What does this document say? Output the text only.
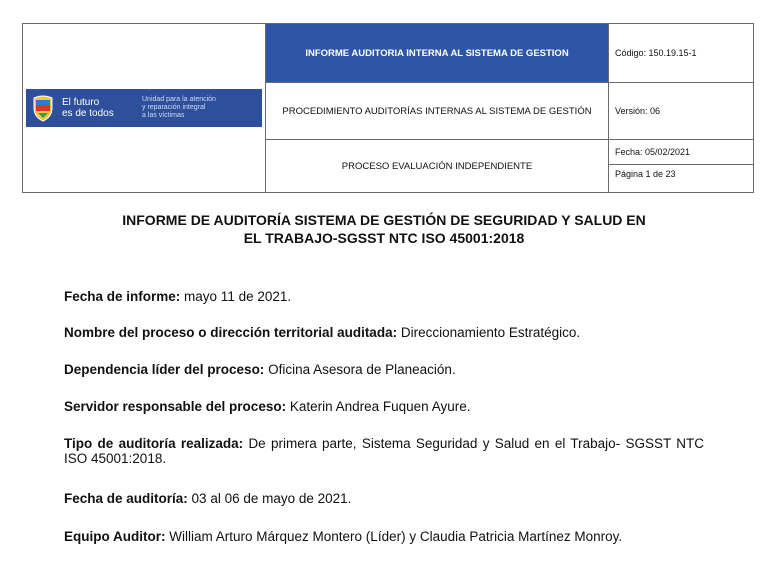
El futuro
es de todos
Unidad para la atención
y reparación integral
a las víctimas	INFORME AUDITORIA INTERNA AL SISTEMA DE GESTION	Código: 150.19.15-1
	PROCEDIMIENTO AUDITORÍAS INTERNAS AL SISTEMA DE GESTIÓN	Versión: 06
	PROCESO EVALUACIÓN INDEPENDIENTE	Fecha: 05/02/2021
Página 1 de 23
INFORME DE AUDITORÍA SISTEMA DE GESTIÓN DE SEGURIDAD Y SALUD EN
EL TRABAJO-SGSST NTC ISO 45001:2018
Fecha de informe: mayo 11 de 2021.
Nombre del proceso o dirección territorial auditada: Direccionamiento Estratégico.
Dependencia líder del proceso: Oficina Asesora de Planeación.
Servidor responsable del proceso: Katerin Andrea Fuquen Ayure.
Tipo de auditoría realizada: De primera parte, Sistema Seguridad y Salud en el Trabajo- SGSST NTC ISO 45001:2018.
Fecha de auditoría: 03 al 06 de mayo de 2021.
Equipo Auditor: William Arturo Márquez Montero (Líder) y Claudia Patricia Martínez Monroy.
